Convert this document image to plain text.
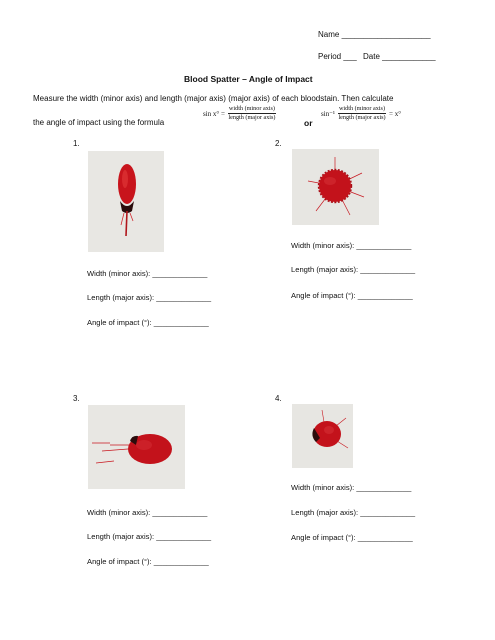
Name ____________________
Period ___ Date ____________
Blood Spatter – Angle of Impact
Measure the width (minor axis) and length (major axis) (major axis) of each bloodstain. Then calculate
the angle of impact using the formula
$\sin x^\circ = \frac{\text{width (minor axis)}}{\text{length (major axis)}}$
or
$\sin^{-1} \frac{\text{width (minor axis)}}{\text{length (major axis)}} = x^\circ$
1.
Width (minor axis): _____________
Length (major axis): _____________
Angle of impact (°): _____________
2.
Width (minor axis): _____________
Length (major axis): _____________
Angle of impact (°): _____________
3.
Width (minor axis): _____________
Length (major axis): _____________
Angle of impact (°): _____________
4.
Width (minor axis): _____________
Length (major axis): _____________
Angle of impact (°): _____________
